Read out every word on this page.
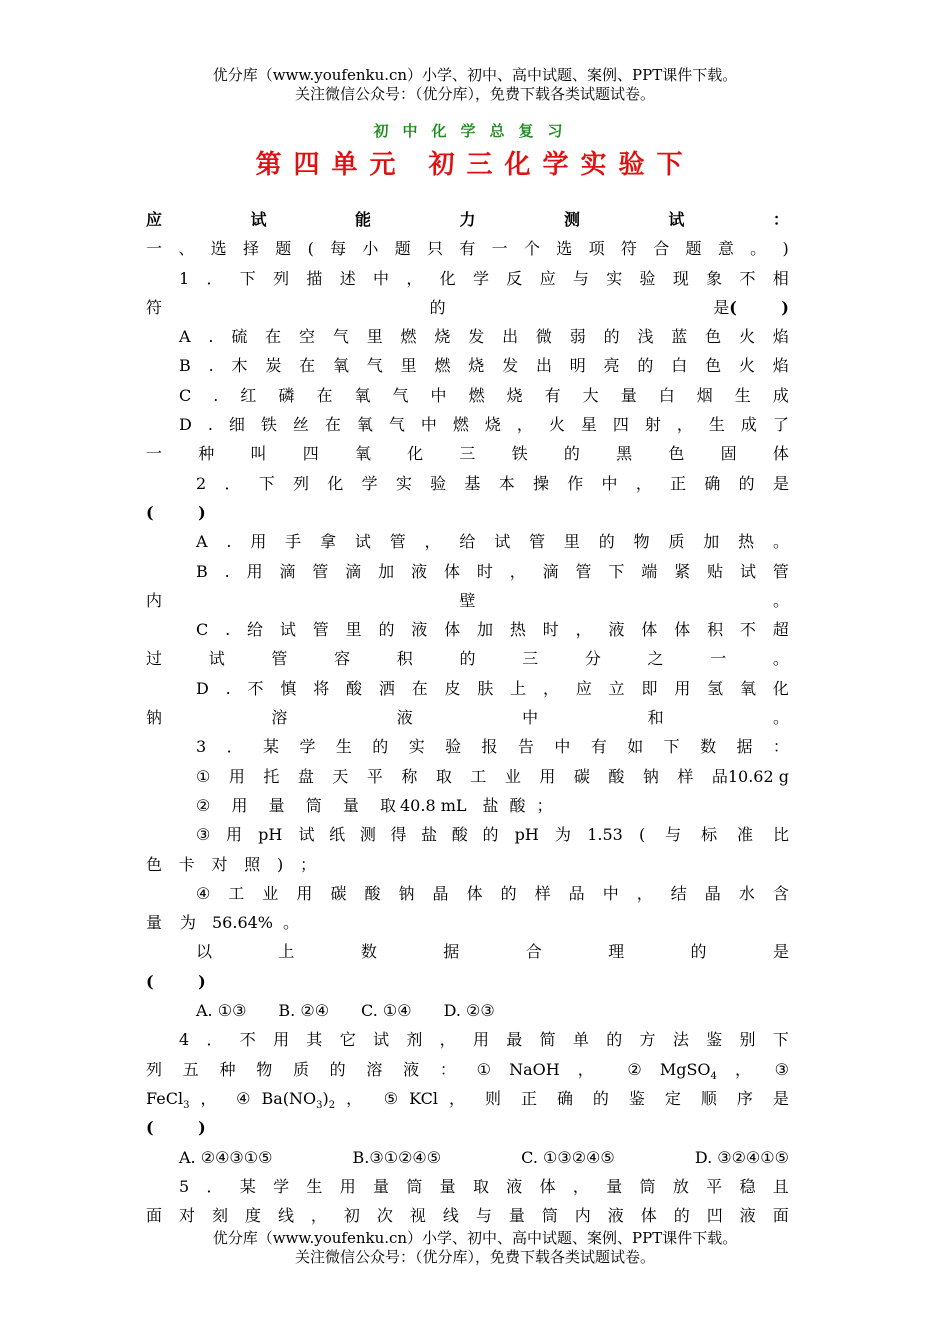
优分库（www.youfenku.cn）小学、初中、高中试题、案例、PPT课件下载。
关注微信公众号：（优分库），免费下载各类试题试卷。
初中化学总复习
第四单元 初三化学实验下
应	试	能	力	测	试	：
一 、 选 择 题 ( 每 小 题 只 有 一 个 选 项 符 合 题 意 。 )
1 ． 下 列 描 述 中 ， 化 学 反 应 与 实 验 现 象 不 相
符	的	是 (        )
A . 硫 在 空 气 里 燃 烧 发 出 微 弱 的 浅 蓝 色 火 焰
B . 木 炭 在 氧 气 里 燃 烧 发 出 明 亮 的 白 色 火 焰
C . 红 磷 在 氧 气 中 燃 烧 有 大 量 白 烟 生 成
D . 细 铁 丝 在 氧 气 中 燃 烧 ， 火 星 四 射 ， 生 成 了
一 种 叫 四 氧 化 三 铁 的 黑 色 固 体
2 ． 下 列 化 学 实 验 基 本 操 作 中 ， 正 确 的 是
(        )
A . 用 手 拿 试 管 ， 给 试 管 里 的 物 质 加 热 。
B . 用 滴 管 滴 加 液 体 时 ， 滴 管 下 端 紧 贴 试 管
内	壁	。
C . 给 试 管 里 的 液 体 加 热 时 ， 液 体 体 积 不 超
过	试	管	容	积	的	三	分	之	一	。
D . 不 慎 将 酸 洒 在 皮 肤 上 ， 应 立 即 用 氢 氧 化
钠	溶	液	中	和	。
3 ． 某 学 生 的 实 验 报 告 中 有 如 下 数 据 ：
① 用 托 盘 天 平 称 取 工 业 用 碳 酸 钠 样 品 10.62 g
② 用 量 筒 量 取 40.8 mL 盐 酸 ；
③ 用 pH 试 纸 测 得 盐 酸 的 pH 为 1.53 ( 与 标 准 比
色 卡 对 照 ) ；
④ 工 业 用 碳 酸 钠 晶 体 的 样 品 中 ， 结 晶 水 含
量 为 56.64% 。
以	上	数	据	合	理	的	是
(        )
A. ①③ B. ②④ C. ①④ D. ②③
4 ． 不 用 其 它 试 剂 ， 用 最 简 单 的 方 法 鉴 别 下
列 五 种 物 质 的 溶 液 ： ① NaOH ， ② MgSO$_4$ ， ③
FeCl$_3$ ， ④ $Ba(NO_3)_2$ ， ⑤ KCl ， 则 正 确 的 鉴 定 顺 序 是
(        )
A. ②④③①⑤	B.③①②④⑤	C. ①③②④⑤	D. ③②④①⑤
5 ． 某 学 生 用 量 筒 量 取 液 体 ， 量 筒 放 平 稳 且
面 对 刻 度 线 ， 初 次 视 线 与 量 筒 内 液 体 的 凹 液 面
优分库（www.youfenku.cn）小学、初中、高中试题、案例、PPT课件下载。
关注微信公众号：（优分库），免费下载各类试题试卷。
